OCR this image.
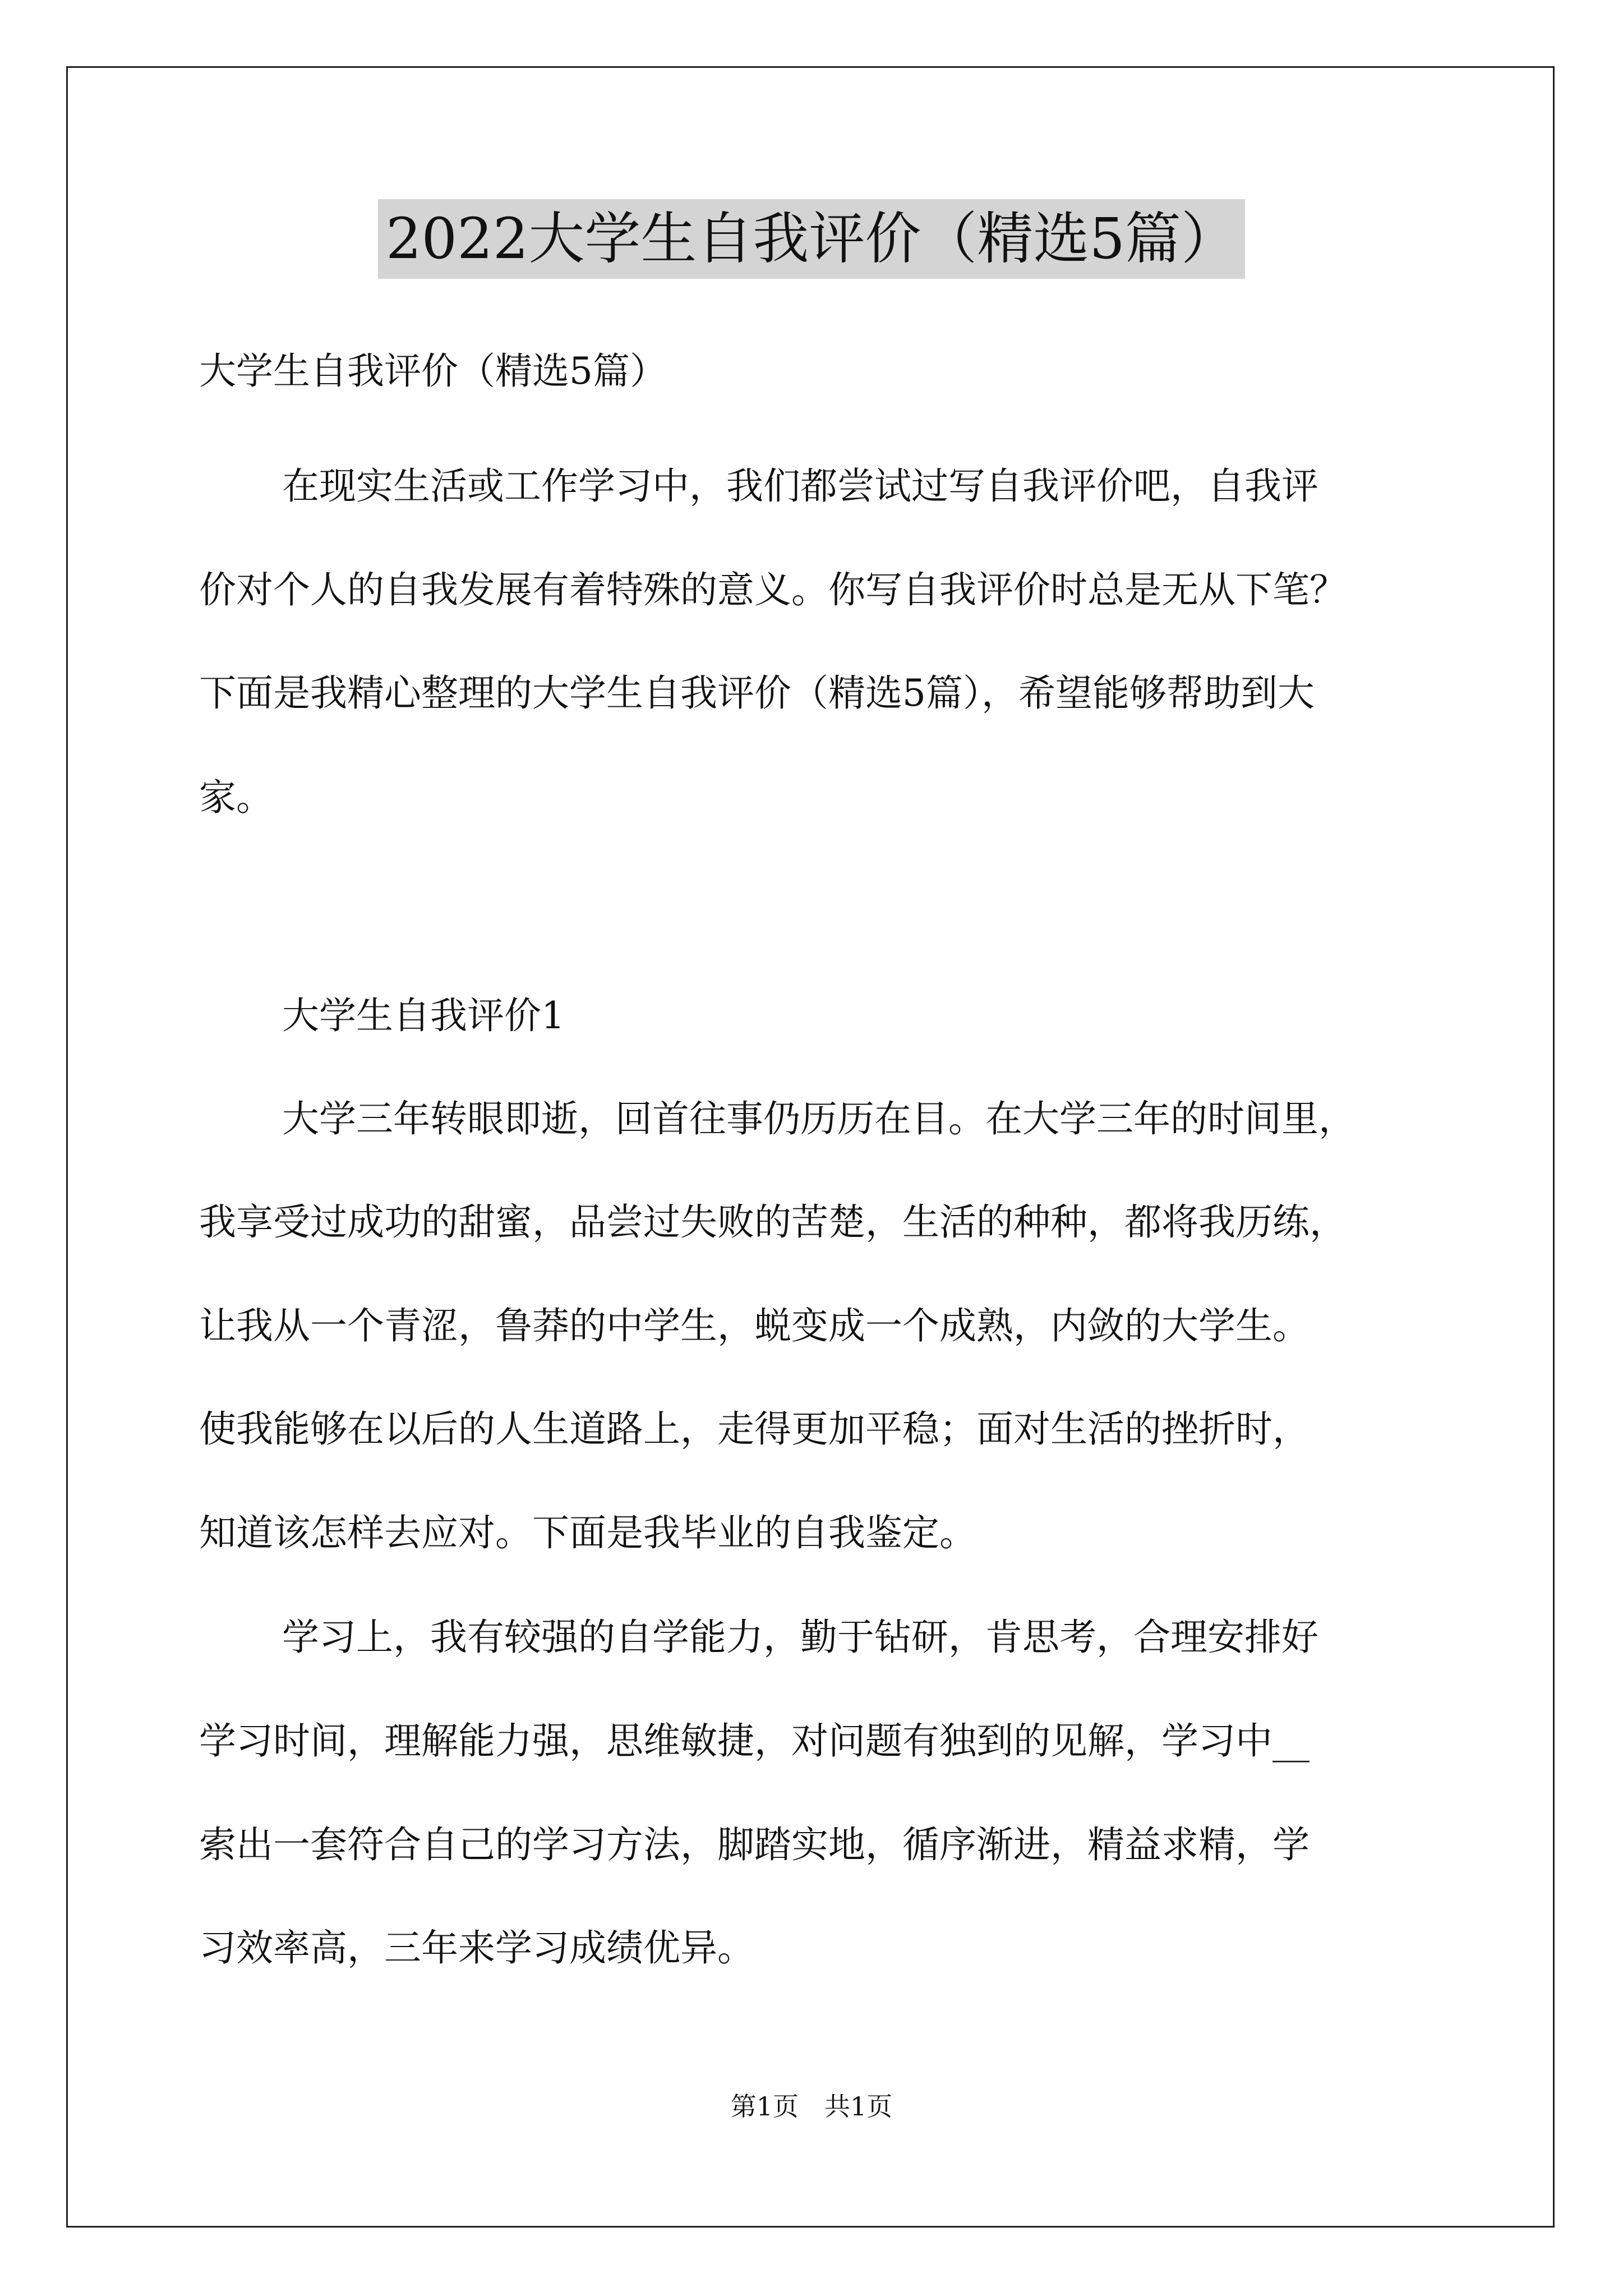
2022大学生自我评价（精选5篇）
大学生自我评价（精选5篇）
在现实生活或工作学习中，我们都尝试过写自我评价吧，自我评
价对个人的自我发展有着特殊的意义。你写自我评价时总是无从下笔？
下面是我精心整理的大学生自我评价（精选5篇），希望能够帮助到大
家。
大学生自我评价1
大学三年转眼即逝，回首往事仍历历在目。在大学三年的时间里，
我享受过成功的甜蜜，品尝过失败的苦楚，生活的种种，都将我历练，
让我从一个青涩，鲁莽的中学生，蜕变成一个成熟，内敛的大学生。
使我能够在以后的人生道路上，走得更加平稳；面对生活的挫折时，
知道该怎样去应对。下面是我毕业的自我鉴定。
学习上，我有较强的自学能力，勤于钻研，肯思考，合理安排好
学习时间，理解能力强，思维敏捷，对问题有独到的见解，学习中__
索出一套符合自己的学习方法，脚踏实地，循序渐进，精益求精，学
习效率高，三年来学习成绩优异。
第1页　共1页
